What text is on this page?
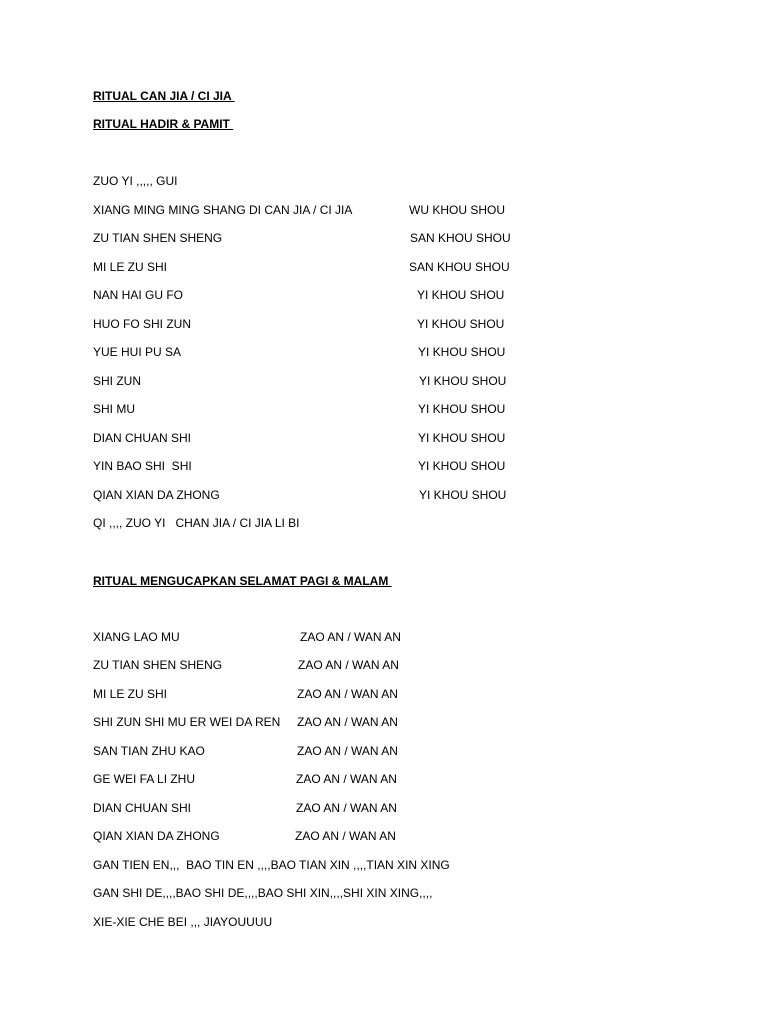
RITUAL CAN JIA / CI JIA
RITUAL HADIR & PAMIT
ZUO YI ,,,,, GUI
XIANG MING MING SHANG DI CAN JIA / CI JIA	WU KHOU SHOU
ZU TIAN SHEN SHENG	SAN KHOU SHOU
MI LE ZU SHI	SAN KHOU SHOU
NAN HAI GU FO	YI KHOU SHOU
HUO FO SHI ZUN	YI KHOU SHOU
YUE HUI PU SA	YI KHOU SHOU
SHI ZUN	YI KHOU SHOU
SHI MU	YI KHOU SHOU
DIAN CHUAN SHI	YI KHOU SHOU
YIN BAO SHI  SHI	YI KHOU SHOU
QIAN XIAN DA ZHONG	YI KHOU SHOU
QI ,,,, ZUO YI   CHAN JIA / CI JIA LI BI
RITUAL MENGUCAPKAN SELAMAT PAGI & MALAM
XIANG LAO MU	ZAO AN / WAN AN
ZU TIAN SHEN SHENG	ZAO AN / WAN AN
MI LE ZU SHI	ZAO AN / WAN AN
SHI ZUN SHI MU ER WEI DA REN ZAO AN / WAN AN
SAN TIAN ZHU KAO	ZAO AN / WAN AN
GE WEI FA LI ZHU	ZAO AN / WAN AN
DIAN CHUAN SHI	ZAO AN / WAN AN
QIAN XIAN DA ZHONG	ZAO AN / WAN AN
GAN TIEN EN,,,  BAO TIN EN ,,,,BAO TIAN XIN ,,,,TIAN XIN XING
GAN SHI DE,,,,BAO SHI DE,,,,BAO SHI XIN,,,,SHI XIN XING,,,,
XIE-XIE CHE BEI ,,, JIAYOUUUU
